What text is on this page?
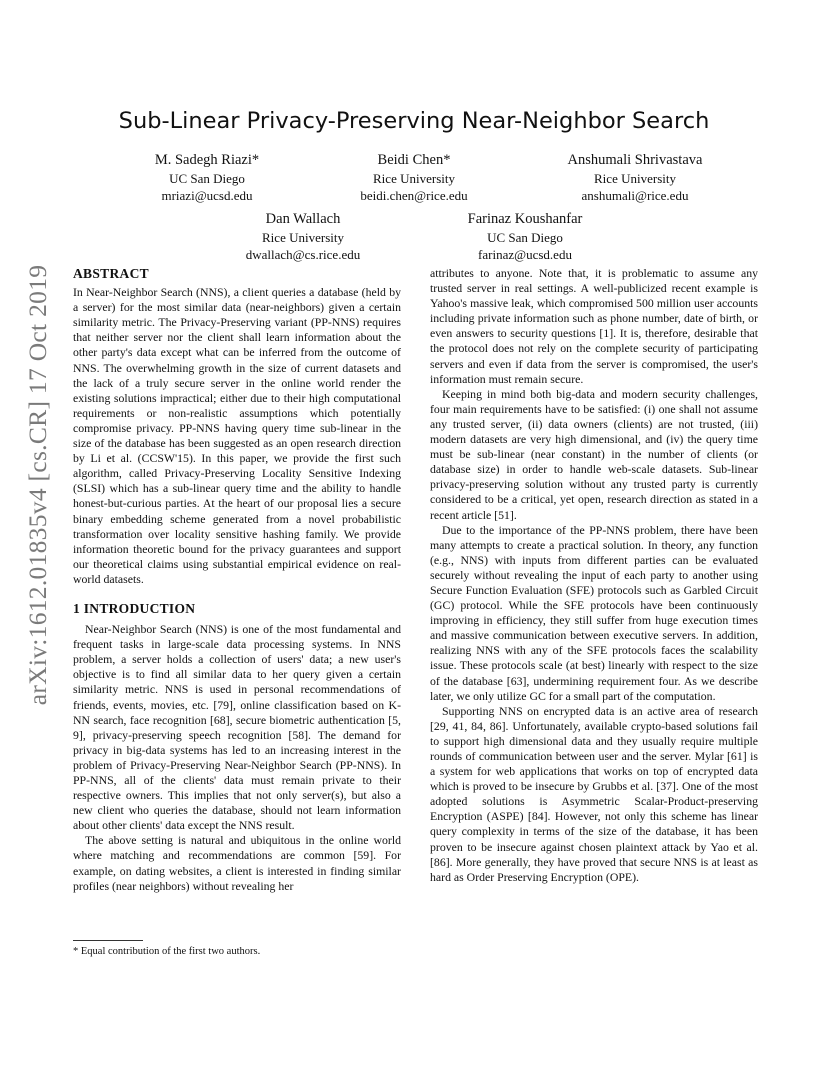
arXiv:1612.01835v4 [cs.CR] 17 Oct 2019
Sub-Linear Privacy-Preserving Near-Neighbor Search
M. Sadegh Riazi*
UC San Diego
mriazi@ucsd.edu
Beidi Chen*
Rice University
beidi.chen@rice.edu
Anshumali Shrivastava
Rice University
anshumali@rice.edu
Dan Wallach
Rice University
dwallach@cs.rice.edu
Farinaz Koushanfar
UC San Diego
farinaz@ucsd.edu
ABSTRACT

In Near-Neighbor Search (NNS), a client queries a database (held by a server) for the most similar data (near-neighbors) given a certain similarity metric. The Privacy-Preserving variant (PP-NNS) requires that neither server nor the client shall learn information about the other party's data except what can be inferred from the outcome of NNS. The overwhelming growth in the size of current datasets and the lack of a truly secure server in the online world render the existing solutions impractical; either due to their high computational requirements or non-realistic assumptions which potentially compromise privacy. PP-NNS having query time sub-linear in the size of the database has been suggested as an open research direction by Li et al. (CCSW'15). In this paper, we provide the first such algorithm, called Privacy-Preserving Locality Sensitive Indexing (SLSI) which has a sub-linear query time and the ability to handle honest-but-curious parties. At the heart of our proposal lies a secure binary embedding scheme generated from a novel probabilistic transformation over locality sensitive hashing family. We provide information theoretic bound for the privacy guarantees and support our theoretical claims using substantial empirical evidence on real-world datasets.

1 INTRODUCTION

Near-Neighbor Search (NNS) is one of the most fundamental and frequent tasks in large-scale data processing systems. In NNS problem, a server holds a collection of users' data; a new user's objective is to find all similar data to her query given a certain similarity metric. NNS is used in personal recommendations of friends, events, movies, etc. [79], online classification based on K-NN search, face recognition [68], secure biometric authentication [5, 9], privacy-preserving speech recognition [58]. The demand for privacy in big-data systems has led to an increasing interest in the problem of Privacy-Preserving Near-Neighbor Search (PP-NNS). In PP-NNS, all of the clients' data must remain private to their respective owners. This implies that not only server(s), but also a new client who queries the database, should not learn information about other clients' data except the NNS result.

The above setting is natural and ubiquitous in the online world where matching and recommendations are common [59]. For example, on dating websites, a client is interested in finding similar profiles (near neighbors) without revealing her

attributes to anyone. Note that, it is problematic to assume any trusted server in real settings. A well-publicized recent example is Yahoo's massive leak, which compromised 500 million user accounts including private information such as phone number, date of birth, or even answers to security questions [1]. It is, therefore, desirable that the protocol does not rely on the complete security of participating servers and even if data from the server is compromised, the user's information must remain secure.

Keeping in mind both big-data and modern security challenges, four main requirements have to be satisfied: (i) one shall not assume any trusted server, (ii) data owners (clients) are not trusted, (iii) modern datasets are very high dimensional, and (iv) the query time must be sub-linear (near constant) in the number of clients (or database size) in order to handle web-scale datasets. Sub-linear privacy-preserving solution without any trusted party is currently considered to be a critical, yet open, research direction as stated in a recent article [51].

Due to the importance of the PP-NNS problem, there have been many attempts to create a practical solution. In theory, any function (e.g., NNS) with inputs from different parties can be evaluated securely without revealing the input of each party to another using Secure Function Evaluation (SFE) protocols such as Garbled Circuit (GC) protocol. While the SFE protocols have been continuously improving in efficiency, they still suffer from huge execution times and massive communication between executive servers. In addition, realizing NNS with any of the SFE protocols faces the scalability issue. These protocols scale (at best) linearly with respect to the size of the database [63], undermining requirement four. As we describe later, we only utilize GC for a small part of the computation.

Supporting NNS on encrypted data is an active area of research [29, 41, 84, 86]. Unfortunately, available crypto-based solutions fail to support high dimensional data and they usually require multiple rounds of communication between user and the server. Mylar [61] is a system for web applications that works on top of encrypted data which is proved to be insecure by Grubbs et al. [37]. One of the most adopted solutions is Asymmetric Scalar-Product-preserving Encryption (ASPE) [84]. However, not only this scheme has linear query complexity in terms of the size of the database, it has been proven to be insecure against chosen plaintext attack by Yao et al. [86]. More generally, they have proved that secure NNS is at least as hard as Order Preserving Encryption (OPE).

* Equal contribution of the first two authors.
